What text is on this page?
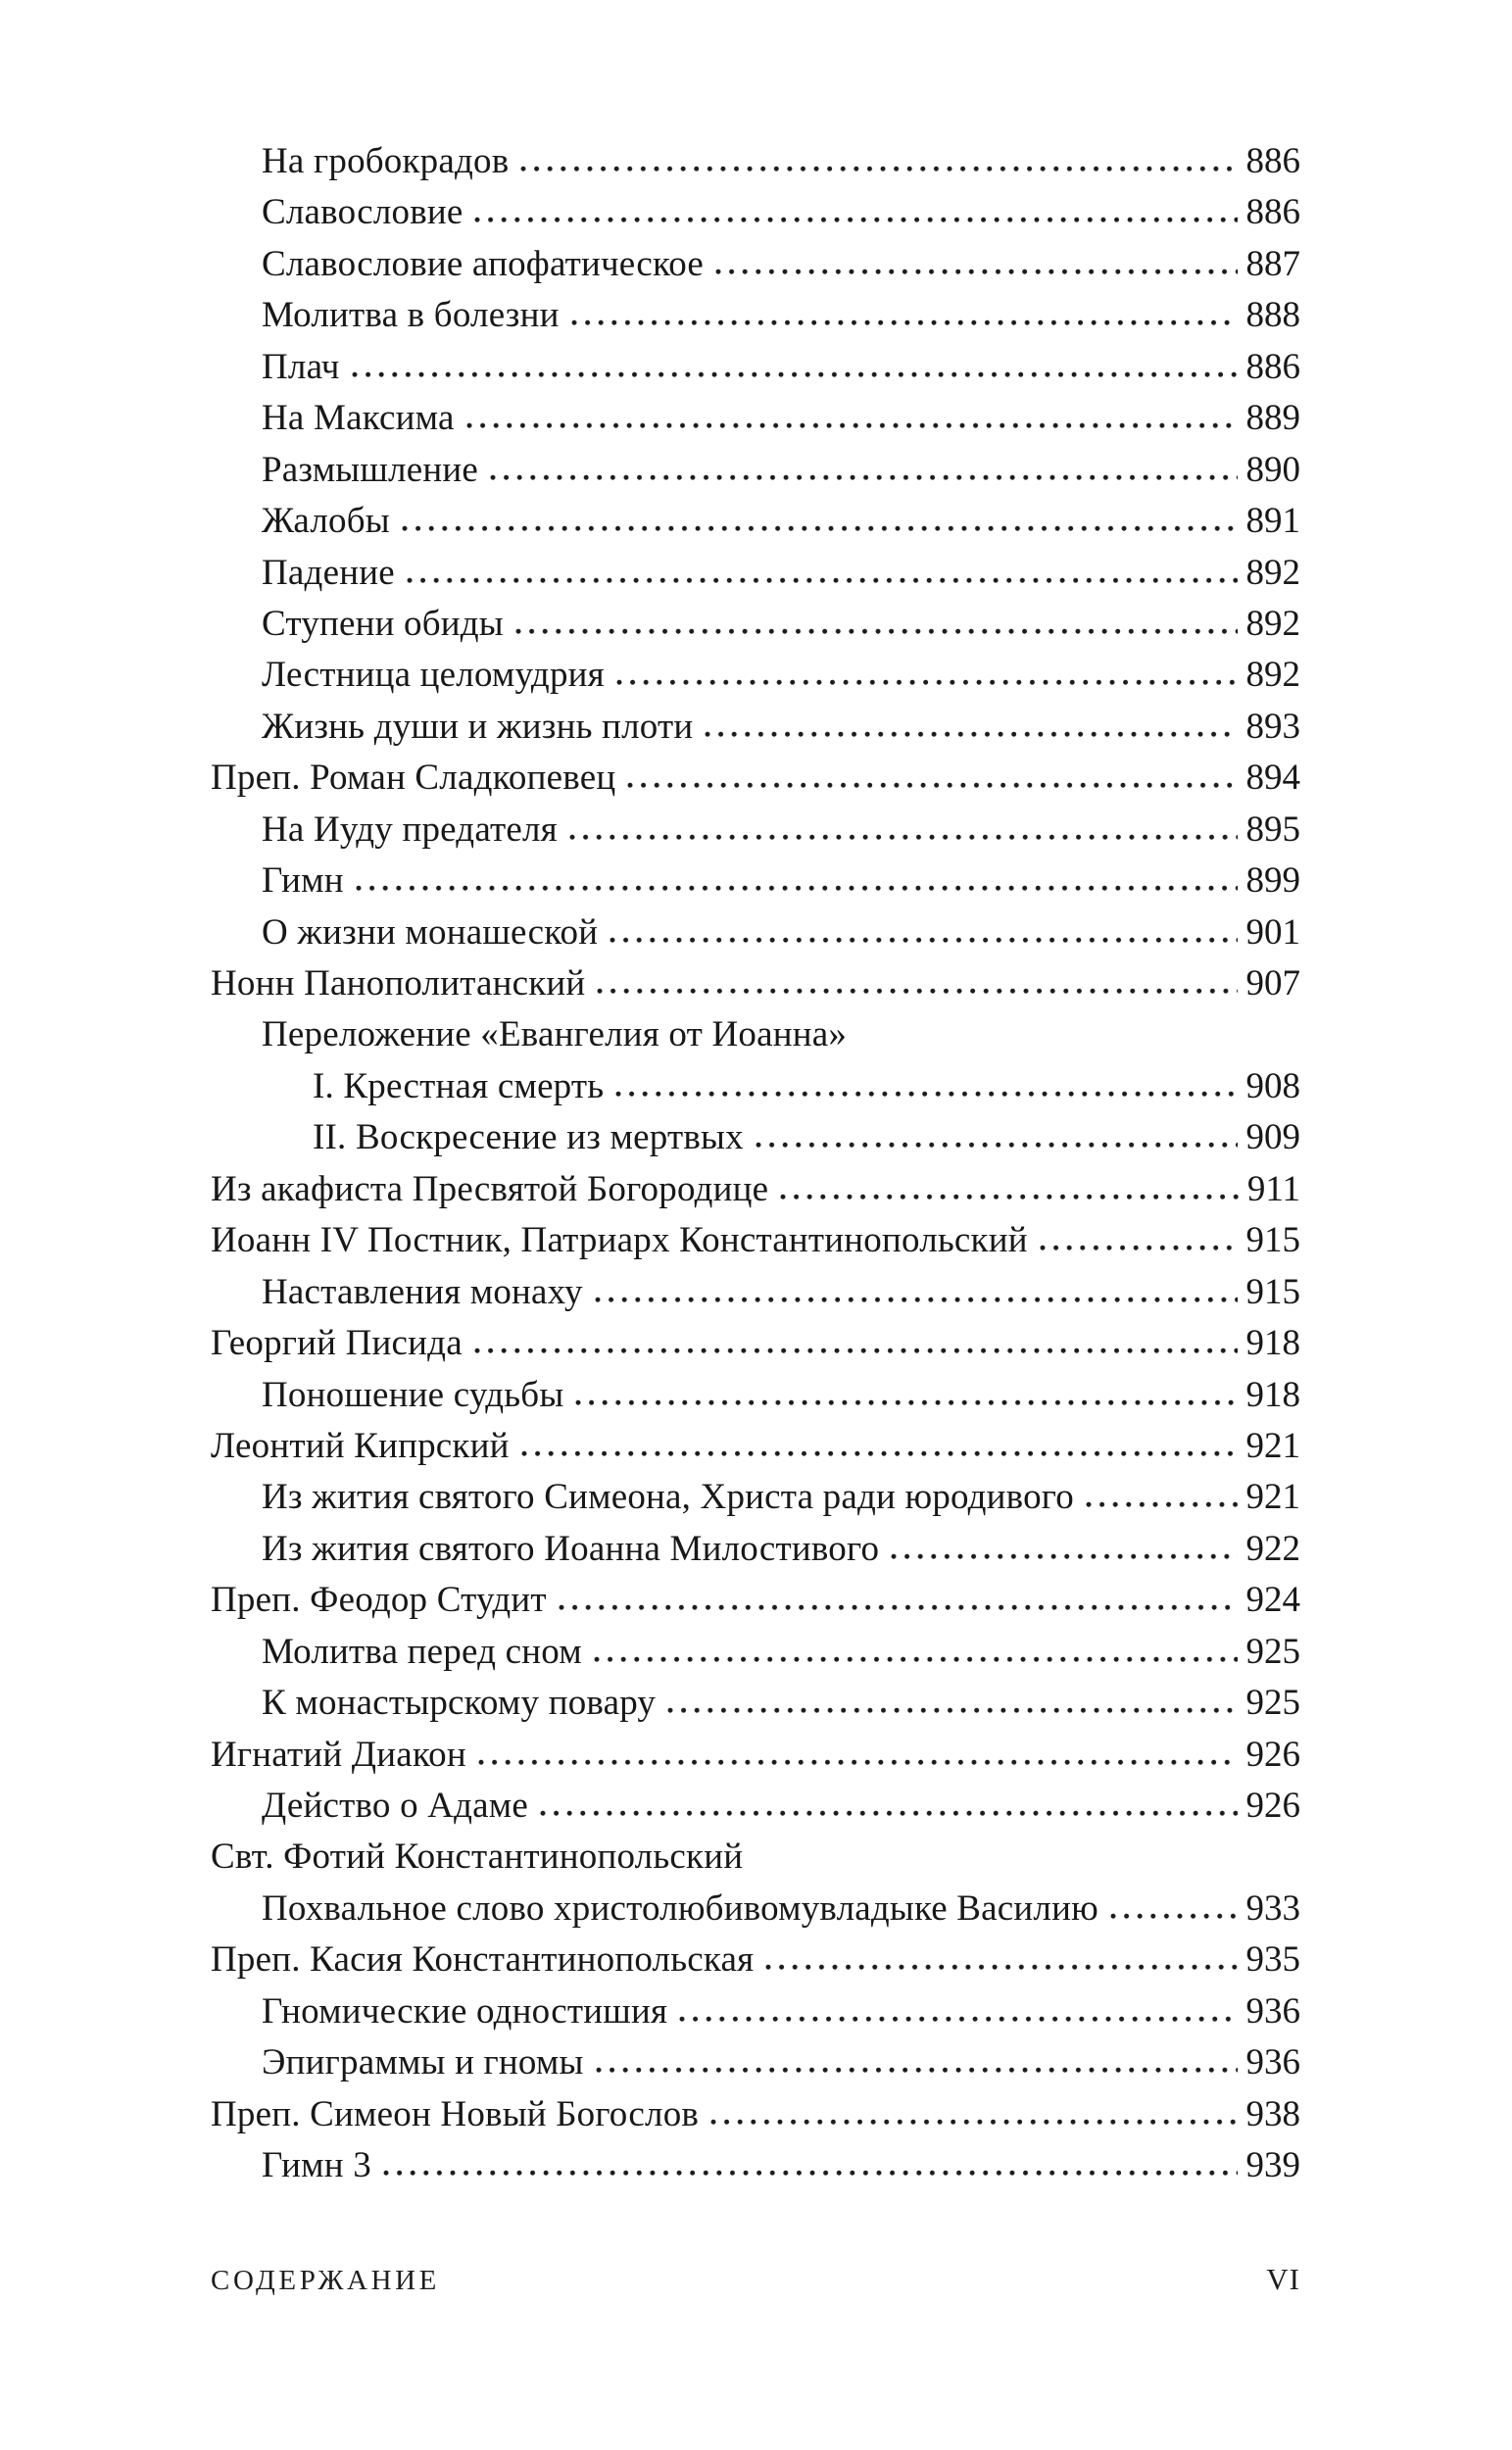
На гробокрадов	886
Славословие	886
Славословие апофатическое	887
Молитва в болезни	888
Плач	886
На Максима	889
Размышление	890
Жалобы	891
Падение	892
Ступени обиды	892
Лестница целомудрия	892
Жизнь души и жизнь плоти	893
Преп. Роман Сладкопевец	894
На Иуду предателя	895
Гимн	899
О жизни монашеской	901
Нонн Панополитанский	907
Переложение «Евангелия от Иоанна»
I. Крестная смерть	908
II. Воскресение из мертвых	909
Из акафиста Пресвятой Богородице	911
Иоанн IV Постник, Патриарх Константинопольский	915
Наставления монаху	915
Георгий Писида	918
Поношение судьбы	918
Леонтий Кипрский	921
Из жития святого Симеона, Христа ради юродивого	921
Из жития святого Иоанна Милостивого	922
Преп. Феодор Студит	924
Молитва перед сном	925
К монастырскому повару	925
Игнатий Диакон	926
Действо о Адаме	926
Свт. Фотий Константинопольский
Похвальное слово христолюбивомувладыке Василию	933
Преп. Касия Константинопольская	935
Гномические одностишия	936
Эпиграммы и гномы	936
Преп. Симеон Новый Богослов	938
Гимн 3	939
СОДЕРЖАНИЕ	VI
